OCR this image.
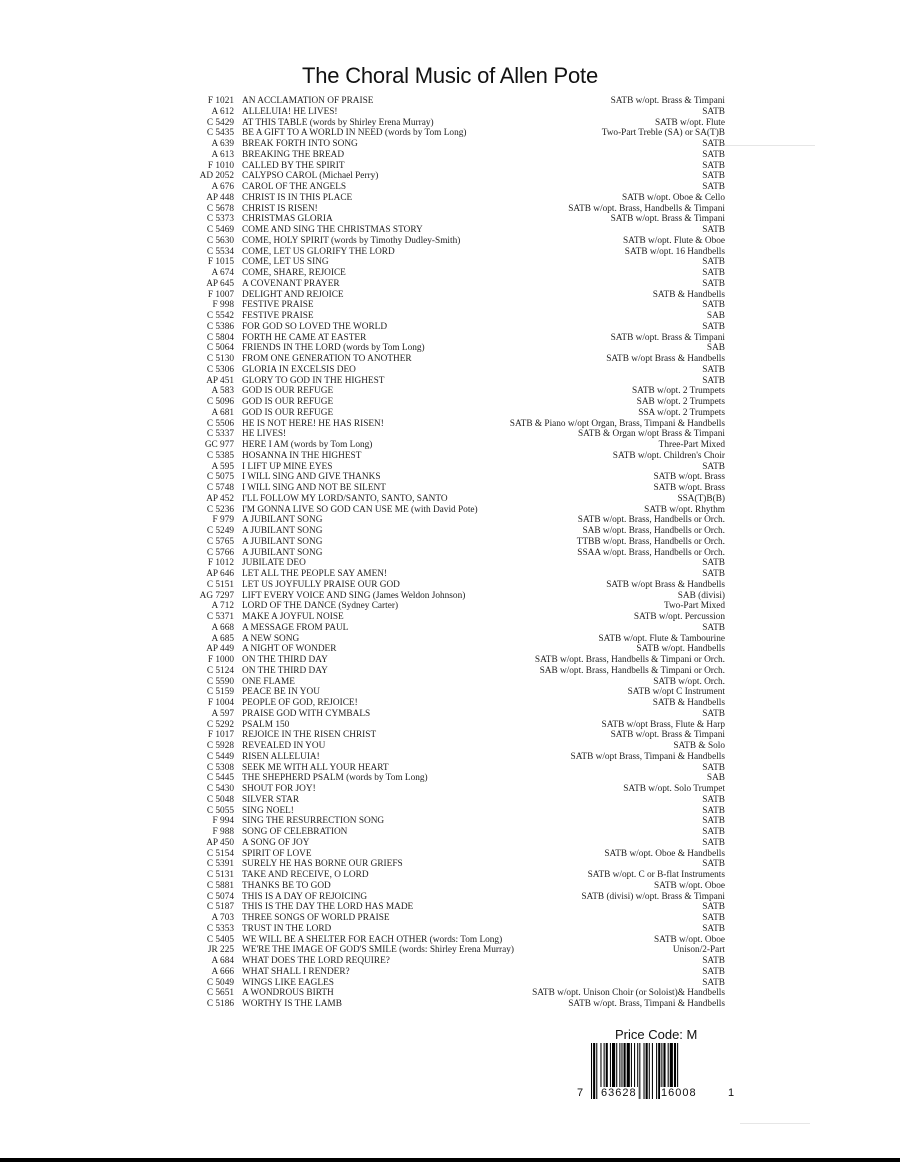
The Choral Music of Allen Pote
F 1021 AN ACCLAMATION OF PRAISE	SATB w/opt. Brass & Timpani
A 612 ALLELUIA! HE LIVES!	SATB
C 5429 AT THIS TABLE (words by Shirley Erena Murray)	SATB w/opt. Flute
C 5435 BE A GIFT TO A WORLD IN NEED (words by Tom Long)	Two-Part Treble (SA) or SA(T)B
A 639 BREAK FORTH INTO SONG	SATB
A 613 BREAKING THE BREAD	SATB
F 1010 CALLED BY THE SPIRIT	SATB
AD 2052 CALYPSO CAROL (Michael Perry)	SATB
A 676 CAROL OF THE ANGELS	SATB
AP 448 CHRIST IS IN THIS PLACE	SATB w/opt. Oboe & Cello
C 5678 CHRIST IS RISEN!	SATB w/opt. Brass, Handbells & Timpani
C 5373 CHRISTMAS GLORIA	SATB w/opt. Brass & Timpani
C 5469 COME AND SING THE CHRISTMAS STORY	SATB
C 5630 COME, HOLY SPIRIT (words by Timothy Dudley-Smith)	SATB w/opt. Flute & Oboe
C 5534 COME, LET US GLORIFY THE LORD	SATB w/opt. 16 Handbells
F 1015 COME, LET US SING	SATB
A 674 COME, SHARE, REJOICE	SATB
AP 645 A COVENANT PRAYER	SATB
F 1007 DELIGHT AND REJOICE	SATB & Handbells
F 998 FESTIVE PRAISE	SATB
C 5542 FESTIVE PRAISE	SAB
C 5386 FOR GOD SO LOVED THE WORLD	SATB
C 5804 FORTH HE CAME AT EASTER	SATB w/opt. Brass & Timpani
C 5064 FRIENDS IN THE LORD (words by Tom Long)	SAB
C 5130 FROM ONE GENERATION TO ANOTHER	SATB w/opt Brass & Handbells
C 5306 GLORIA IN EXCELSIS DEO	SATB
AP 451 GLORY TO GOD IN THE HIGHEST	SATB
A 583 GOD IS OUR REFUGE	SATB w/opt. 2 Trumpets
C 5096 GOD IS OUR REFUGE	SAB w/opt. 2 Trumpets
A 681 GOD IS OUR REFUGE	SSA w/opt. 2 Trumpets
C 5506 HE IS NOT HERE! HE HAS RISEN!	SATB & Piano w/opt Organ, Brass, Timpani & Handbells
C 5337 HE LIVES!	SATB & Organ w/opt Brass & Timpani
GC 977 HERE I AM (words by Tom Long)	Three-Part Mixed
C 5385 HOSANNA IN THE HIGHEST	SATB w/opt. Children's Choir
A 595 I LIFT UP MINE EYES	SATB
C 5075 I WILL SING AND GIVE THANKS	SATB w/opt. Brass
C 5748 I WILL SING AND NOT BE SILENT	SATB w/opt. Brass
AP 452 I'LL FOLLOW MY LORD/SANTO, SANTO, SANTO	SSA(T)B(B)
C 5236 I'M GONNA LIVE SO GOD CAN USE ME (with David Pote)	SATB w/opt. Rhythm
F 979 A JUBILANT SONG	SATB w/opt. Brass, Handbells or Orch.
C 5249 A JUBILANT SONG	SAB w/opt. Brass, Handbells or Orch.
C 5765 A JUBILANT SONG	TTBB w/opt. Brass, Handbells or Orch.
C 5766 A JUBILANT SONG	SSAA w/opt. Brass, Handbells or Orch.
F 1012 JUBILATE DEO	SATB
AP 646 LET ALL THE PEOPLE SAY AMEN!	SATB
C 5151 LET US JOYFULLY PRAISE OUR GOD	SATB w/opt Brass & Handbells
AG 7297 LIFT EVERY VOICE AND SING (James Weldon Johnson)	SAB (divisi)
A 712 LORD OF THE DANCE (Sydney Carter)	Two-Part Mixed
C 5371 MAKE A JOYFUL NOISE	SATB w/opt. Percussion
A 668 A MESSAGE FROM PAUL	SATB
A 685 A NEW SONG	SATB w/opt. Flute & Tambourine
AP 449 A NIGHT OF WONDER	SATB w/opt. Handbells
F 1000 ON THE THIRD DAY	SATB w/opt. Brass, Handbells & Timpani or Orch.
C 5124 ON THE THIRD DAY	SAB w/opt. Brass, Handbells & Timpani or Orch.
C 5590 ONE FLAME	SATB w/opt. Orch.
C 5159 PEACE BE IN YOU	SATB w/opt C Instrument
F 1004 PEOPLE OF GOD, REJOICE!	SATB & Handbells
A 597 PRAISE GOD WITH CYMBALS	SATB
C 5292 PSALM 150	SATB w/opt Brass, Flute & Harp
F 1017 REJOICE IN THE RISEN CHRIST	SATB w/opt. Brass & Timpani
C 5928 REVEALED IN YOU	SATB & Solo
C 5449 RISEN ALLELUIA!	SATB w/opt Brass, Timpani & Handbells
C 5308 SEEK ME WITH ALL YOUR HEART	SATB
C 5445 THE SHEPHERD PSALM (words by Tom Long)	SAB
C 5430 SHOUT FOR JOY!	SATB w/opt. Solo Trumpet
C 5048 SILVER STAR	SATB
C 5055 SING NOEL!	SATB
F 994 SING THE RESURRECTION SONG	SATB
F 988 SONG OF CELEBRATION	SATB
AP 450 A SONG OF JOY	SATB
C 5154 SPIRIT OF LOVE	SATB w/opt. Oboe & Handbells
C 5391 SURELY HE HAS BORNE OUR GRIEFS	SATB
C 5131 TAKE AND RECEIVE, O LORD	SATB w/opt. C or B-flat Instruments
C 5881 THANKS BE TO GOD	SATB w/opt. Oboe
C 5074 THIS IS A DAY OF REJOICING	SATB (divisi) w/opt. Brass & Timpani
C 5187 THIS IS THE DAY THE LORD HAS MADE	SATB
A 703 THREE SONGS OF WORLD PRAISE	SATB
C 5353 TRUST IN THE LORD	SATB
C 5405 WE WILL BE A SHELTER FOR EACH OTHER (words: Tom Long)	SATB w/opt. Oboe
JR 225 WE'RE THE IMAGE OF GOD'S SMILE (words: Shirley Erena Murray)	Unison/2-Part
A 684 WHAT DOES THE LORD REQUIRE?	SATB
A 666 WHAT SHALL I RENDER?	SATB
C 5049 WINGS LIKE EAGLES	SATB
C 5651 A WONDROUS BIRTH	SATB w/opt. Unison Choir (or Soloist)& Handbells
C 5186 WORTHY IS THE LAMB	SATB w/opt. Brass, Timpani & Handbells
Price Code: M
7 63628 16008	1
